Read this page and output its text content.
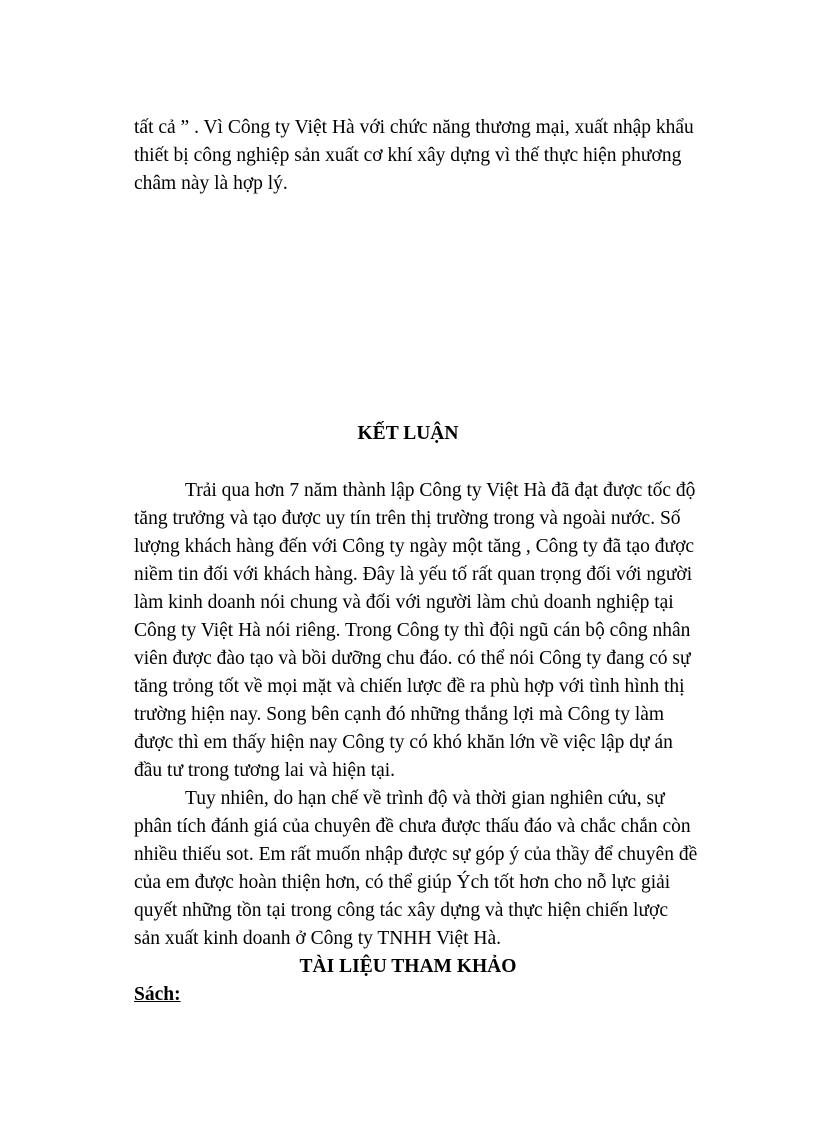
tất cả ” . Vì Công ty Việt Hà với chức năng thương mại, xuất nhập khẩu
thiết bị công nghiệp sản xuất cơ khí xây dựng vì thế thực hiện phương
châm này là hợp lý.
KẾT LUẬN
Trải qua hơn 7 năm thành lập Công ty Việt Hà đã đạt được tốc độ
tăng trưởng và tạo được uy tín trên thị trường trong và ngoài nước. Số
lượng khách hàng đến với Công ty ngày một tăng , Công ty đã tạo được
niềm tin đối với khách hàng. Đây là yếu tố rất quan trọng đối với người
làm kinh doanh nói chung và đối với người làm chủ doanh nghiệp tại
Công ty Việt Hà nói riêng. Trong Công ty thì đội ngũ cán bộ công nhân
viên được đào tạo và bồi dưỡng chu đáo. có thể nói Công ty đang có sự
tăng trỏng tốt về mọi mặt và chiến lược đề ra phù hợp với tình hình thị
trường hiện nay. Song bên cạnh đó những thắng lợi mà Công ty làm
được thì em thấy hiện nay Công ty có khó khăn lớn về việc lập dự án
đầu tư trong tương lai và hiện tại.
Tuy nhiên, do hạn chế về trình độ và thời gian nghiên cứu, sự
phân tích đánh giá của chuyên đề chưa được thấu đáo và chắc chắn còn
nhiều thiếu sot. Em rất muốn nhập được sự góp ý của thầy để chuyên đề
của em được hoàn thiện hơn, có thể giúp Ých tốt hơn cho nỗ lực giải
quyết những tồn tại trong công tác xây dựng và thực hiện chiến lược
sản xuất kinh doanh ở Công ty TNHH Việt Hà.
TÀI LIỆU THAM KHẢO
Sách:
